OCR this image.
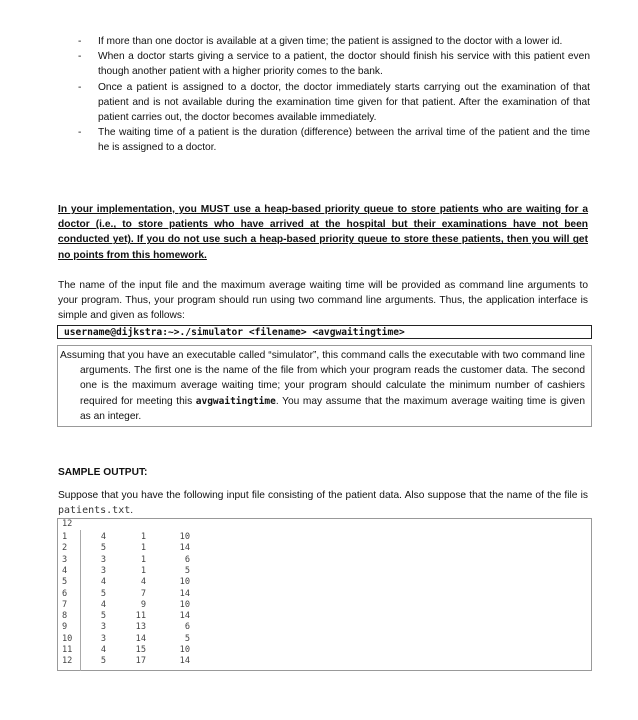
- If more than one doctor is available at a given time; the patient is assigned to the doctor with a lower id.
- When a doctor starts giving a service to a patient, the doctor should finish his service with this patient even though another patient with a higher priority comes to the bank.
- Once a patient is assigned to a doctor, the doctor immediately starts carrying out the examination of that patient and is not available during the examination time given for that patient. After the examination of that patient carries out, the doctor becomes available immediately.
- The waiting time of a patient is the duration (difference) between the arrival time of the patient and the time he is assigned to a doctor.
In your implementation, you MUST use a heap-based priority queue to store patients who are waiting for a doctor (i.e., to store patients who have arrived at the hospital but their examinations have not been conducted yet). If you do not use such a heap-based priority queue to store these patients, then you will get no points from this homework.
The name of the input file and the maximum average waiting time will be provided as command line arguments to your program. Thus, your program should run using two command line arguments. Thus, the application interface is simple and given as follows:
username@dijkstra:~>./simulator <filename> <avgwaitingtime>
Assuming that you have an executable called “simulator”, this command calls the executable with two command line arguments. The first one is the name of the file from which your program reads the customer data. The second one is the maximum average waiting time; your program should calculate the minimum number of cashiers required for meeting this avgwaitingtime. You may assume that the maximum average waiting time is given as an integer.
SAMPLE OUTPUT:
Suppose that you have the following input file consisting of the patient data. Also suppose that the name of the file is patients.txt.
12
1	4	1	10
2	5	1	14
3	3	1	6
4	3	1	5
5	4	4	10
6	5	7	14
7	4	9	10
8	5	11	14
9	3	13	6
10	3	14	5
11	4	15	10
12	5	17	14
